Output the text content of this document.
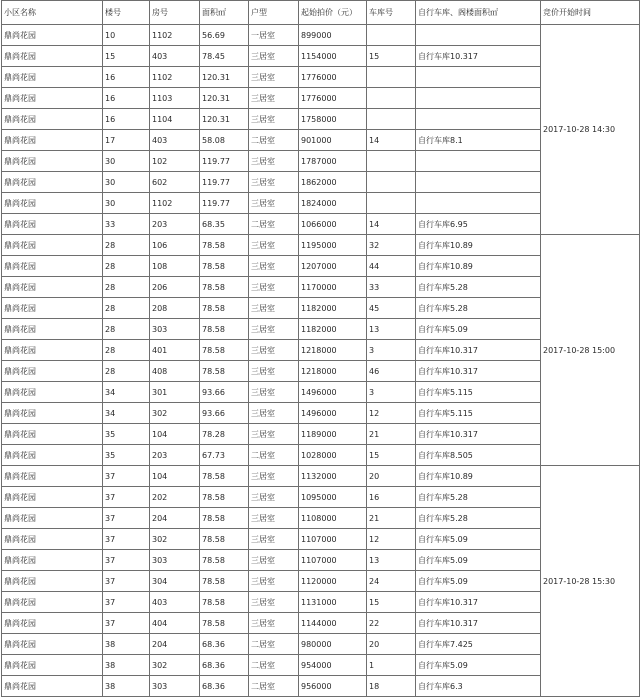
小区名称	楼号	房号	面积㎡	户型	起始拍价（元）	车库号	自行车库、阁楼面积㎡	竞价开始时间
鼎尚花园	10	1102	56.69	一居室	899000			2017-10-28 14:30
鼎尚花园	15	403	78.45	三居室	1154000	15	自行车库10.317	
鼎尚花园	16	1102	120.31	三居室	1776000			
鼎尚花园	16	1103	120.31	三居室	1776000			
鼎尚花园	16	1104	120.31	三居室	1758000			
鼎尚花园	17	403	58.08	二居室	901000	14	自行车库8.1	
鼎尚花园	30	102	119.77	三居室	1787000			
鼎尚花园	30	602	119.77	三居室	1862000			
鼎尚花园	30	1102	119.77	三居室	1824000			
鼎尚花园	33	203	68.35	二居室	1066000	14	自行车库6.95	
鼎尚花园	28	106	78.58	三居室	1195000	32	自行车库10.89	2017-10-28 15:00
鼎尚花园	28	108	78.58	三居室	1207000	44	自行车库10.89	
鼎尚花园	28	206	78.58	三居室	1170000	33	自行车库5.28	
鼎尚花园	28	208	78.58	三居室	1182000	45	自行车库5.28	
鼎尚花园	28	303	78.58	三居室	1182000	13	自行车库5.09	
鼎尚花园	28	401	78.58	三居室	1218000	3	自行车库10.317	
鼎尚花园	28	408	78.58	三居室	1218000	46	自行车库10.317	
鼎尚花园	34	301	93.66	三居室	1496000	3	自行车库5.115	
鼎尚花园	34	302	93.66	三居室	1496000	12	自行车库5.115	
鼎尚花园	35	104	78.28	三居室	1189000	21	自行车库10.317	
鼎尚花园	35	203	67.73	二居室	1028000	15	自行车库8.505	
鼎尚花园	37	104	78.58	三居室	1132000	20	自行车库10.89	2017-10-28 15:30
鼎尚花园	37	202	78.58	三居室	1095000	16	自行车库5.28	
鼎尚花园	37	204	78.58	三居室	1108000	21	自行车库5.28	
鼎尚花园	37	302	78.58	三居室	1107000	12	自行车库5.09	
鼎尚花园	37	303	78.58	三居室	1107000	13	自行车库5.09	
鼎尚花园	37	304	78.58	三居室	1120000	24	自行车库5.09	
鼎尚花园	37	403	78.58	三居室	1131000	15	自行车库10.317	
鼎尚花园	37	404	78.58	三居室	1144000	22	自行车库10.317	
鼎尚花园	38	204	68.36	二居室	980000	20	自行车库7.425	
鼎尚花园	38	302	68.36	二居室	954000	1	自行车库5.09	
鼎尚花园	38	303	68.36	二居室	956000	18	自行车库6.3	
